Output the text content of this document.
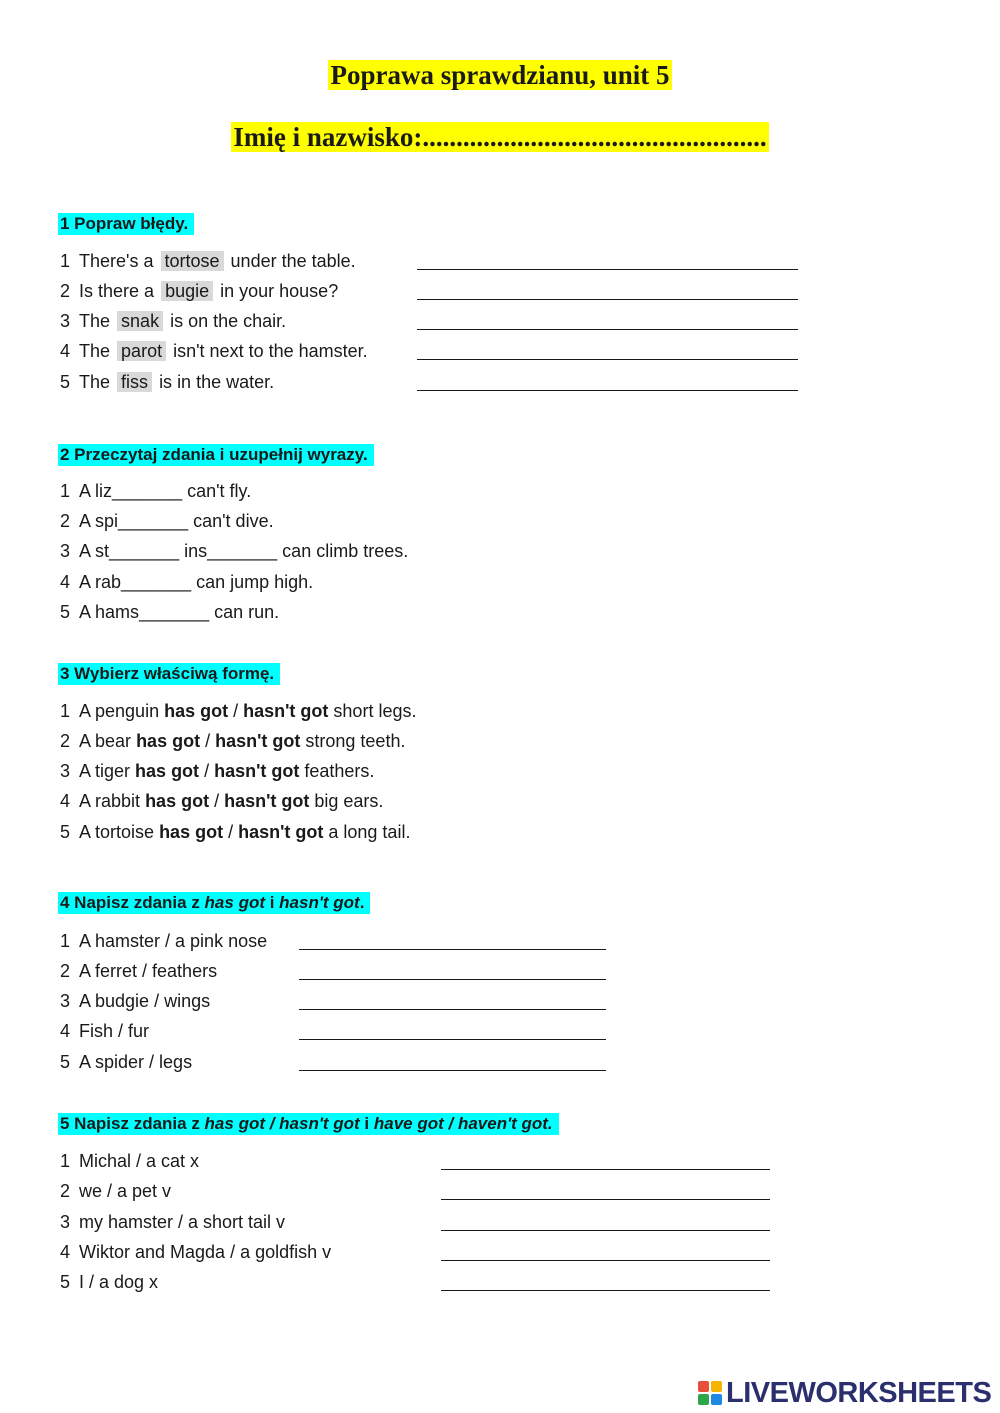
Poprawa sprawdzianu, unit 5
Imię i nazwisko:...................................................
1 Popraw błędy.
1 There's a tortose under the table.
2 Is there a bugie in your house?
3 The snak is on the chair.
4 The parot isn't next to the hamster.
5 The fiss is in the water.
2 Przeczytaj zdania i uzupełnij wyrazy.
1 A liz_______ can't fly.
2 A spi_______ can't dive.
3 A st_______ ins_______ can climb trees.
4 A rab_______ can jump high.
5 A hams_______ can run.
3 Wybierz właściwą formę.
1 A penguin has got / hasn't got short legs.
2 A bear has got / hasn't got strong teeth.
3 A tiger has got / hasn't got feathers.
4 A rabbit has got / hasn't got big ears.
5 A tortoise has got / hasn't got a long tail.
4 Napisz zdania z has got i hasn't got.
1 A hamster / a pink nose
2 A ferret / feathers
3 A budgie / wings
4 Fish / fur
5 A spider / legs
5 Napisz zdania z has got / hasn't got i have got / haven't got.
1 Michal / a cat x
2 we / a pet v
3 my hamster / a short tail v
4 Wiktor and Magda / a goldfish v
5 I / a dog x
LIVEWORKSHEETS
